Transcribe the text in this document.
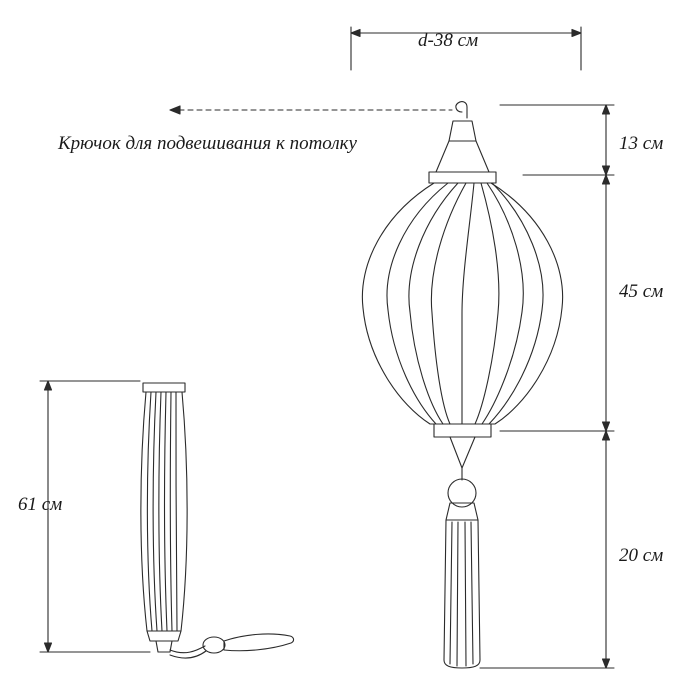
Крючок для подвешивания к потолку
d-38 см
13 см
45 см
20 см
61 см
